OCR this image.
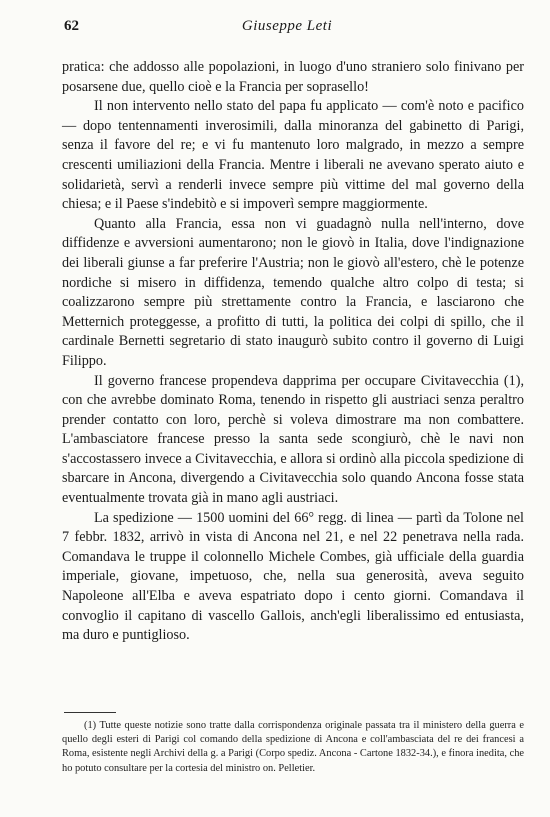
62	Giuseppe Leti

pratica: che addosso alle popolazioni, in luogo d'uno straniero solo finivano per posarsene due, quello cioè e la Francia per soprasello!

Il non intervento nello stato del papa fu applicato — com'è noto e pacifico — dopo tentennamenti inverosimili, dalla minoranza del gabinetto di Parigi, senza il favore del re; e vi fu mantenuto loro malgrado, in mezzo a sempre crescenti umiliazioni della Francia. Mentre i liberali ne avevano sperato aiuto e solidarietà, servì a renderli invece sempre più vittime del mal governo della chiesa; e il Paese s'indebitò e si impoverì sempre maggiormente.

Quanto alla Francia, essa non vi guadagnò nulla nell'interno, dove diffidenze e avversioni aumentarono; non le giovò in Italia, dove l'indignazione dei liberali giunse a far preferire l'Austria; non le giovò all'estero, chè le potenze nordiche si misero in diffidenza, temendo qualche altro colpo di testa; si coalizzarono sempre più strettamente contro la Francia, e lasciarono che Metternich proteggesse, a profitto di tutti, la politica dei colpi di spillo, che il cardinale Bernetti segretario di stato inaugurò subito contro il governo di Luigi Filippo.

Il governo francese propendeva dapprima per occupare Civitavecchia (1), con che avrebbe dominato Roma, tenendo in rispetto gli austriaci senza peraltro prender contatto con loro, perchè si voleva dimostrare ma non combattere. L'ambasciatore francese presso la santa sede scongiurò, chè le navi non s'accostassero invece a Civitavecchia, e allora si ordinò alla piccola spedizione di sbarcare in Ancona, divergendo a Civitavecchia solo quando Ancona fosse stata eventualmente trovata già in mano agli austriaci.

La spedizione — 1500 uomini del 66° regg. di linea — partì da Tolone nel 7 febbr. 1832, arrivò in vista di Ancona nel 21, e nel 22 penetrava nella rada. Comandava le truppe il colonnello Michele Combes, già ufficiale della guardia imperiale, giovane, impetuoso, che, nella sua generosità, aveva seguito Napoleone all'Elba e aveva espatriato dopo i cento giorni. Comandava il convoglio il capitano di vascello Gallois, anch'egli liberalissimo ed entusiasta, ma duro e puntiglioso.

(1) Tutte queste notizie sono tratte dalla corrispondenza originale passata tra il ministero della guerra e quello degli esteri di Parigi col comando della spedizione di Ancona e coll'ambasciata del re dei francesi a Roma, esistente negli Archivi della g. a Parigi (Corpo spediz. Ancona - Cartone 1832-34.), e finora inedita, che ho potuto consultare per la cortesia del ministro on. Pelletier.
